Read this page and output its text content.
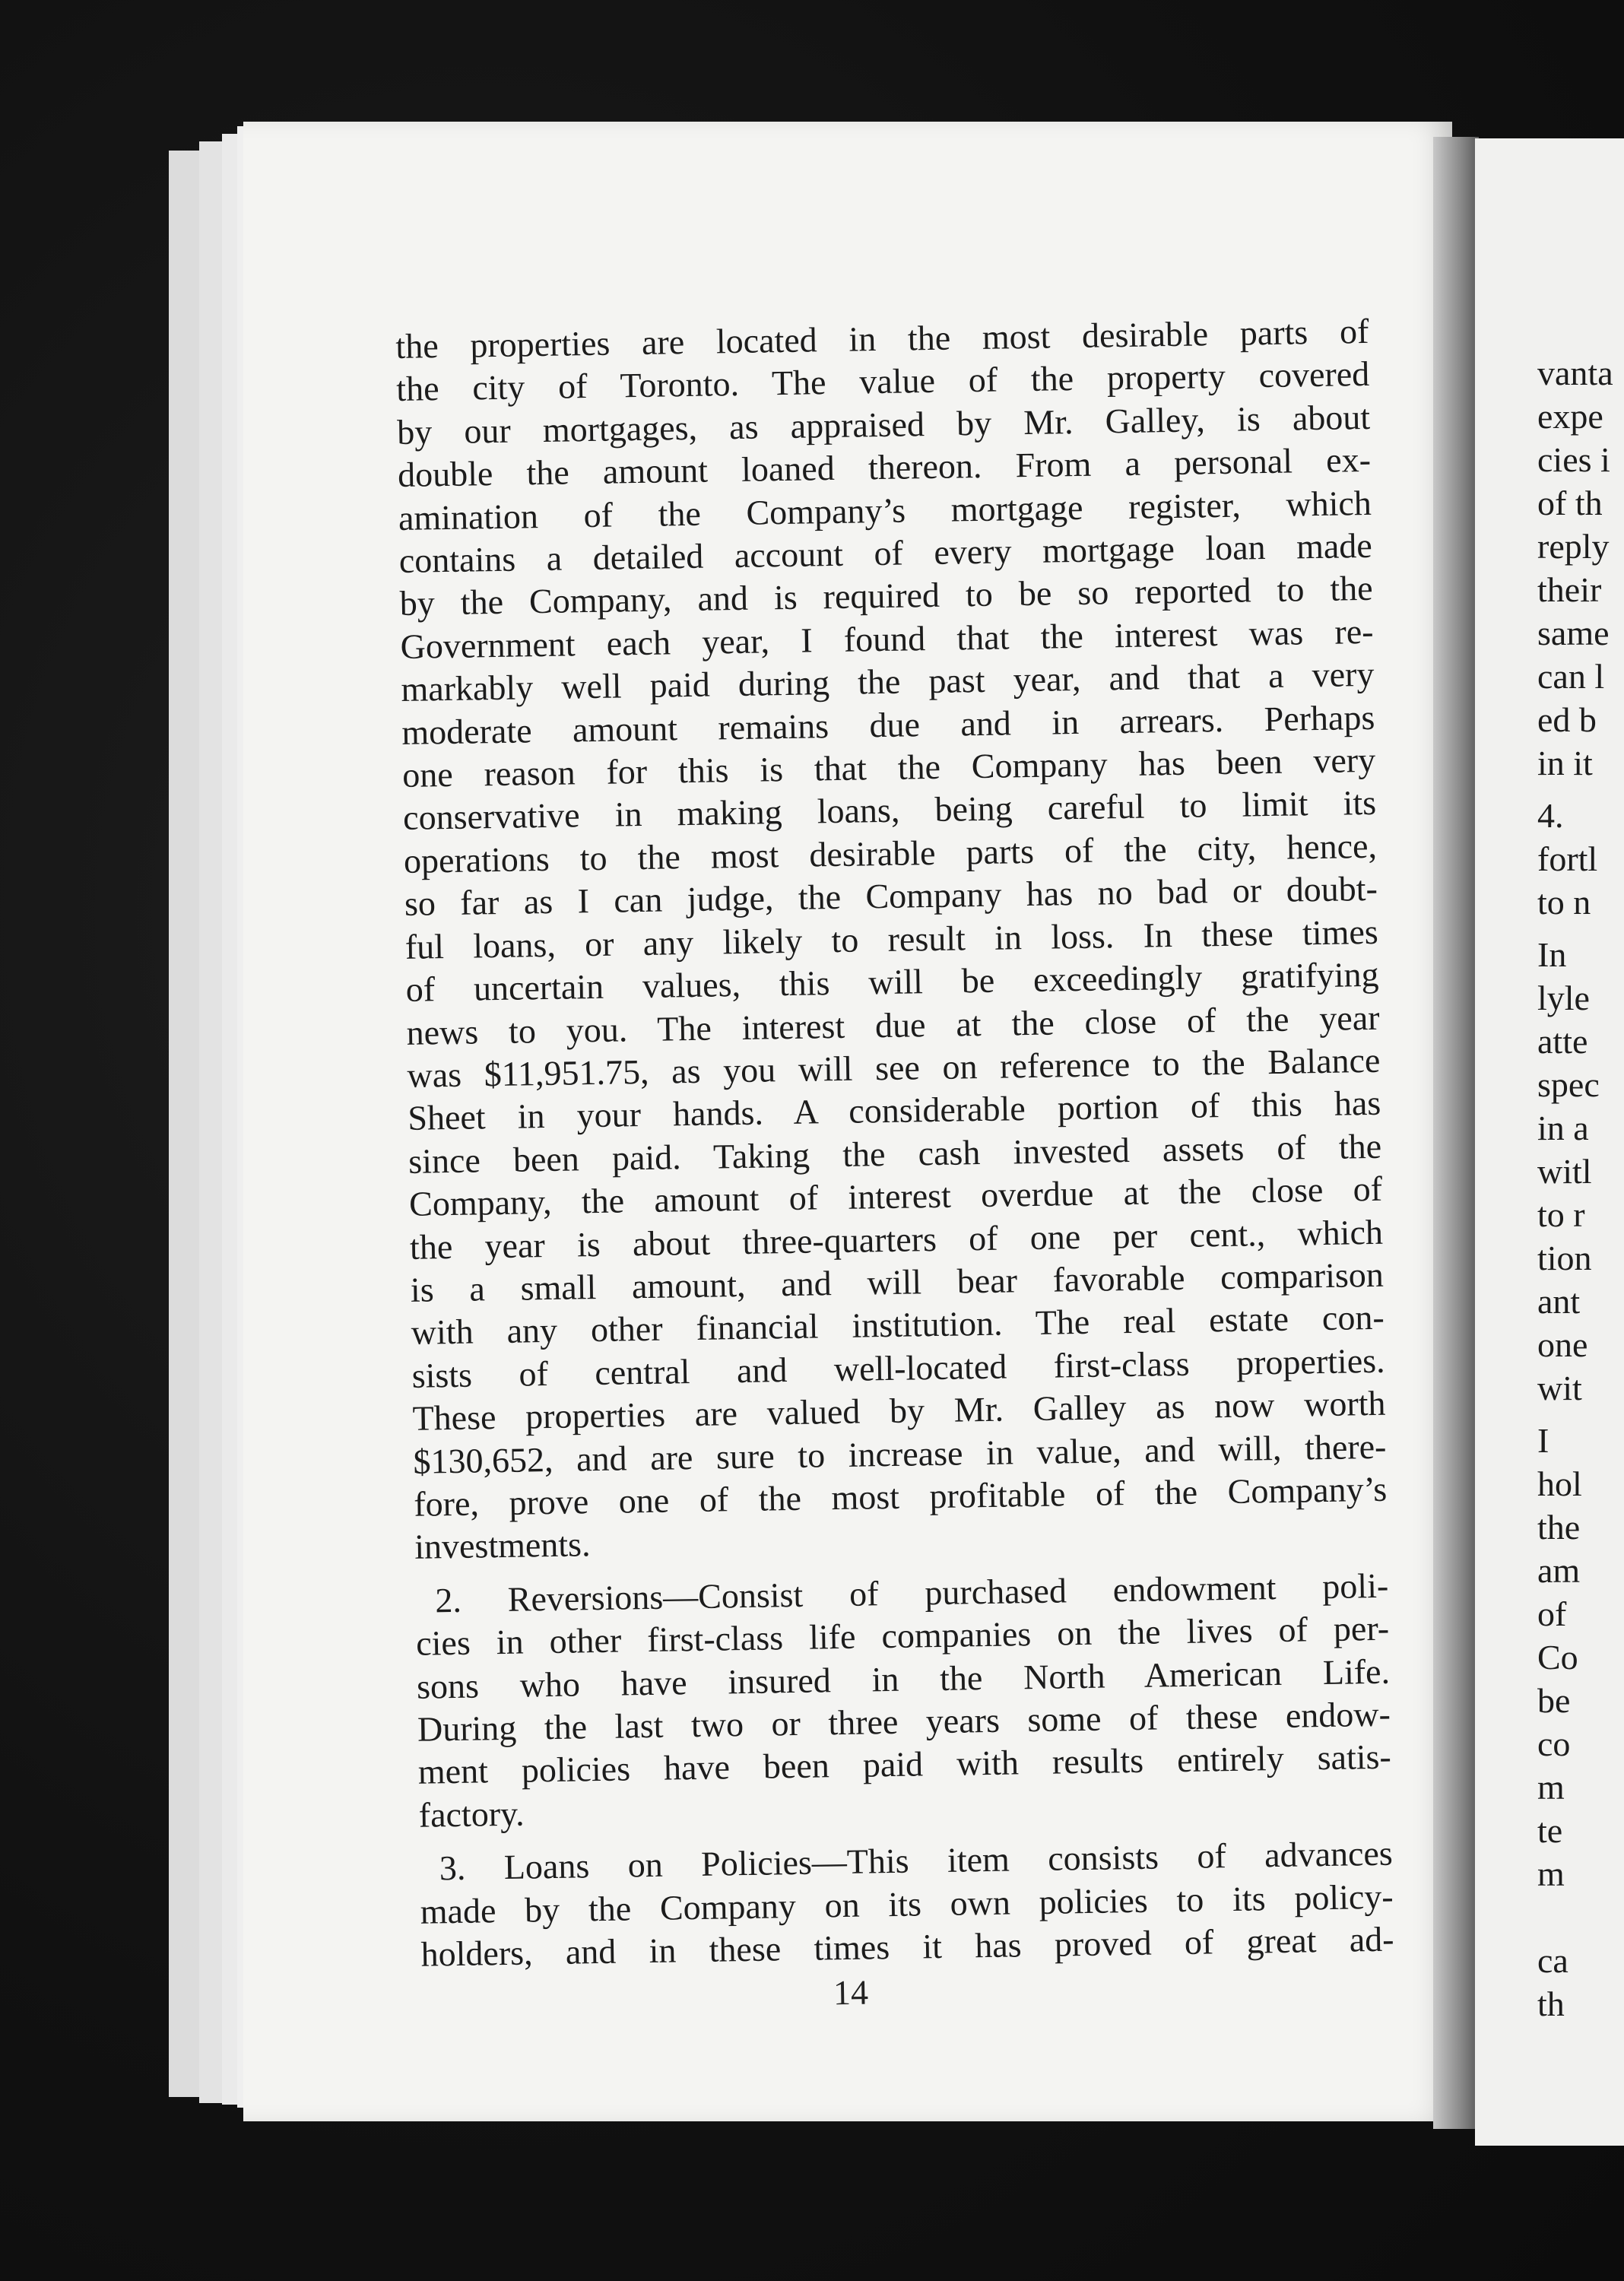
the properties are located in the most desirable parts of
the city of Toronto. The value of the property covered
by our mortgages, as appraised by Mr. Galley, is about
double the amount loaned thereon. From a personal ex-
amination of the Company’s mortgage register, which
contains a detailed account of every mortgage loan made
by the Company, and is required to be so reported to the
Government each year, I found that the interest was re-
markably well paid during the past year, and that a very
moderate amount remains due and in arrears. Perhaps
one reason for this is that the Company has been very
conservative in making loans, being careful to limit its
operations to the most desirable parts of the city, hence,
so far as I can judge, the Company has no bad or doubt-
ful loans, or any likely to result in loss. In these times
of uncertain values, this will be exceedingly gratifying
news to you. The interest due at the close of the year
was $11,951.75, as you will see on reference to the Balance
Sheet in your hands. A considerable portion of this has
since been paid. Taking the cash invested assets of the
Company, the amount of interest overdue at the close of
the year is about three-quarters of one per cent., which
is a small amount, and will bear favorable comparison
with any other financial institution. The real estate con-
sists of central and well-located first-class properties.
These properties are valued by Mr. Galley as now worth
$130,652, and are sure to increase in value, and will, there-
fore, prove one of the most profitable of the Company’s
investments.

2. Reversions—Consist of purchased endowment poli-
cies in other first-class life companies on the lives of per-
sons who have insured in the North American Life.
During the last two or three years some of these endow-
ment policies have been paid with results entirely satis-
factory.

3. Loans on Policies—This item consists of advances
made by the Company on its own policies to its policy-
holders, and in these times it has proved of great ad-

14
vanta
expe
cies i
of th
reply
their
same
can l
ed b
in it
4.
fortl
to n
In
lyle
atte
spec
in a
witl
to r
tion
ant
one
wit
I
hol
the
am
of
Co
be
co
m
te
m
ca
th
